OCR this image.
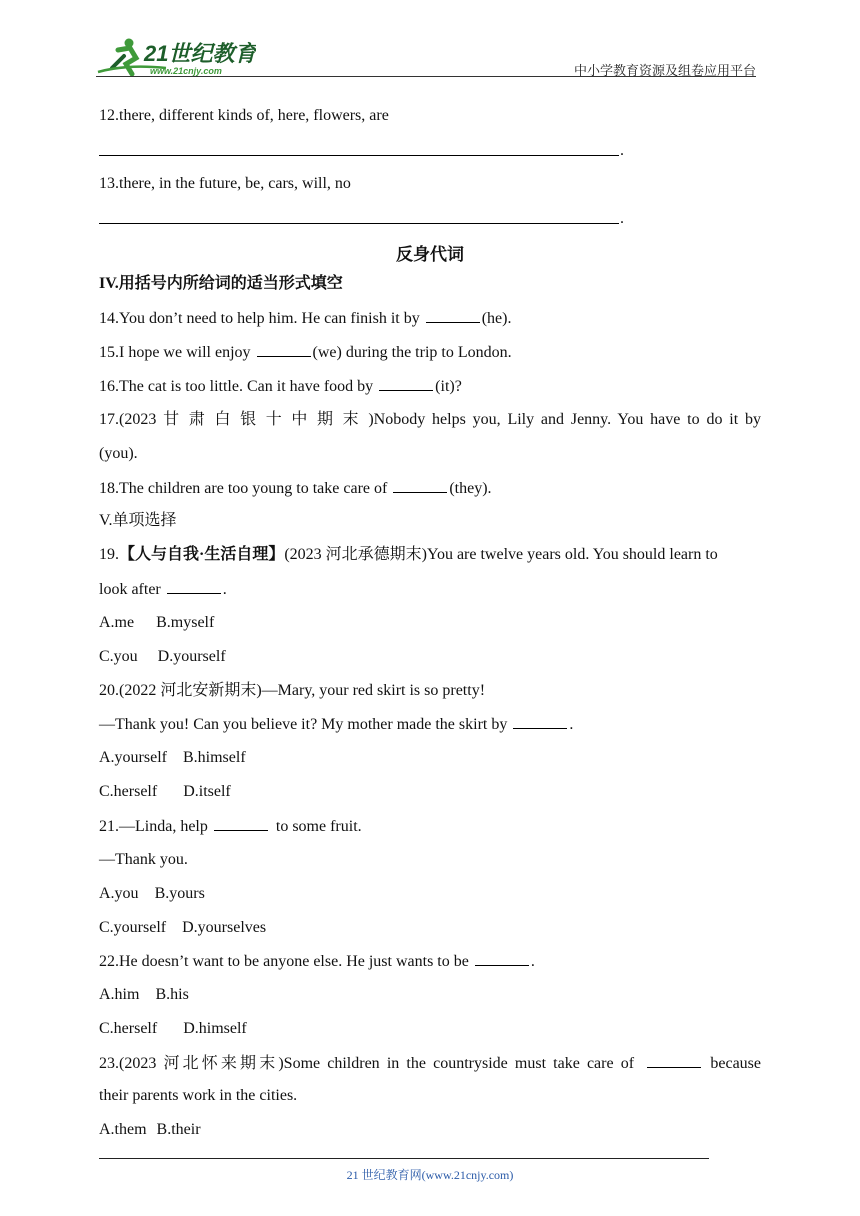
21世纪教育
www.21cnjy.com	中小学教育资源及组卷应用平台
12.there, different kinds of, here, flowers, are
.
13.there, in the future, be, cars, will, no
.
反身代词
IV.用括号内所给词的适当形式填空
14.You don’t need to help him. He can finish it by	(he).
15.I hope we will enjoy	(we) during the trip to London.
16.The cat is too little. Can it have food by	(it)?
17.(2023 甘 肃 白 银 十 中 期 末 )Nobody helps you, Lily and Jenny. You have to do it by
(you).
18.The children are too young to take care of	(they).
V.单项选择
19.【人与自我·生活自理】(2023 河北承德期末)You are twelve years old. You should learn to
look after	.
A.me B.myself
C.you D.yourself
20.(2022 河北安新期末)—Mary, your red skirt is so pretty!
—Thank you! Can you believe it? My mother made the skirt by	.
A.yourself B.himself
C.herself D.itself
21.—Linda, help	to some fruit.
—Thank you.
A.you B.yours
C.yourself D.yourselves
22.He doesn’t want to be anyone else. He just wants to be	.
A.him B.his
C.herself D.himself
23.(2023 河北怀来期末)Some children in the countryside must take care of	because
their parents work in the cities.
A.them B.their
21 世纪教育网(www.21cnjy.com)
